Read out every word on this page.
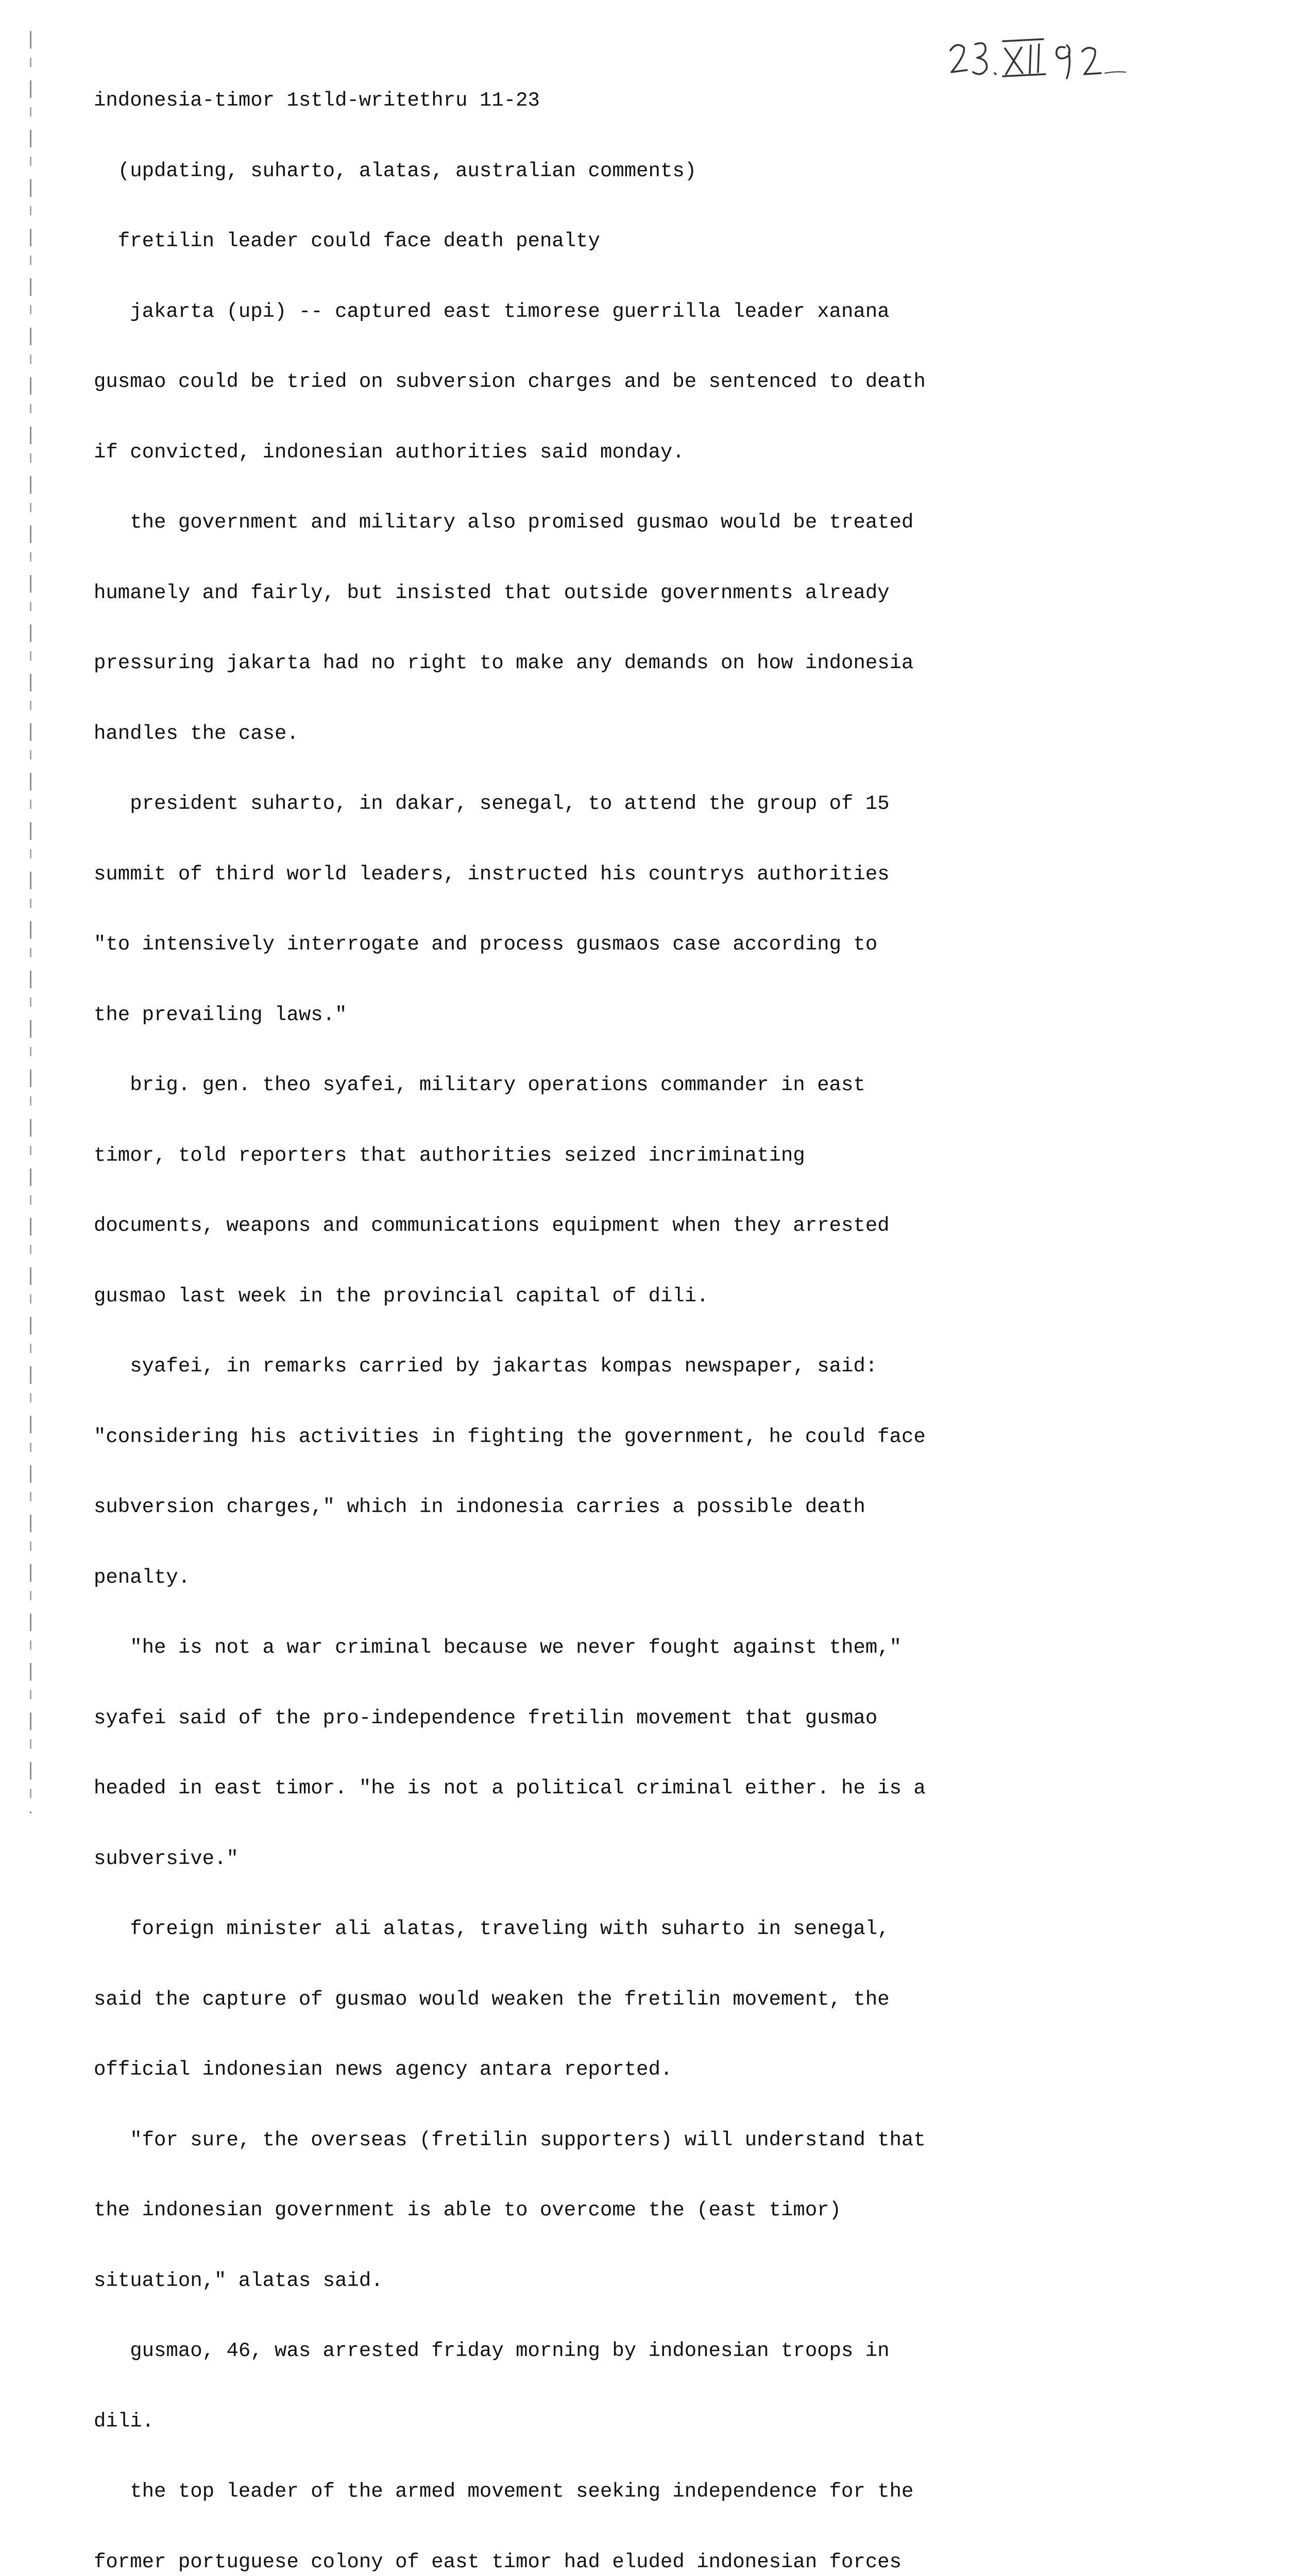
indonesia-timor 1stld-writethru 11-23

(updating, suharto, alatas, australian comments)

fretilin leader could face death penalty

jakarta (upi) -- captured east timorese guerrilla leader xanana

gusmao could be tried on subversion charges and be sentenced to death

if convicted, indonesian authorities said monday.

the government and military also promised gusmao would be treated

humanely and fairly, but insisted that outside governments already

pressuring jakarta had no right to make any demands on how indonesia

handles the case.

president suharto, in dakar, senegal, to attend the group of 15

summit of third world leaders, instructed his countrys authorities

"to intensively interrogate and process gusmaos case according to

the prevailing laws."

brig. gen. theo syafei, military operations commander in east

timor, told reporters that authorities seized incriminating

documents, weapons and communications equipment when they arrested

gusmao last week in the provincial capital of dili.

syafei, in remarks carried by jakartas kompas newspaper, said:

"considering his activities in fighting the government, he could face

subversion charges," which in indonesia carries a possible death

penalty.

"he is not a war criminal because we never fought against them,"

syafei said of the pro-independence fretilin movement that gusmao

headed in east timor. "he is not a political criminal either. he is a

subversive."

foreign minister ali alatas, traveling with suharto in senegal,

said the capture of gusmao would weaken the fretilin movement, the

official indonesian news agency antara reported.

"for sure, the overseas (fretilin supporters) will understand that

the indonesian government is able to overcome the (east timor)

situation," alatas said.

gusmao, 46, was arrested friday morning by indonesian troops in

dili.

the top leader of the armed movement seeking independence for the

former portuguese colony of east timor had eluded indonesian forces
